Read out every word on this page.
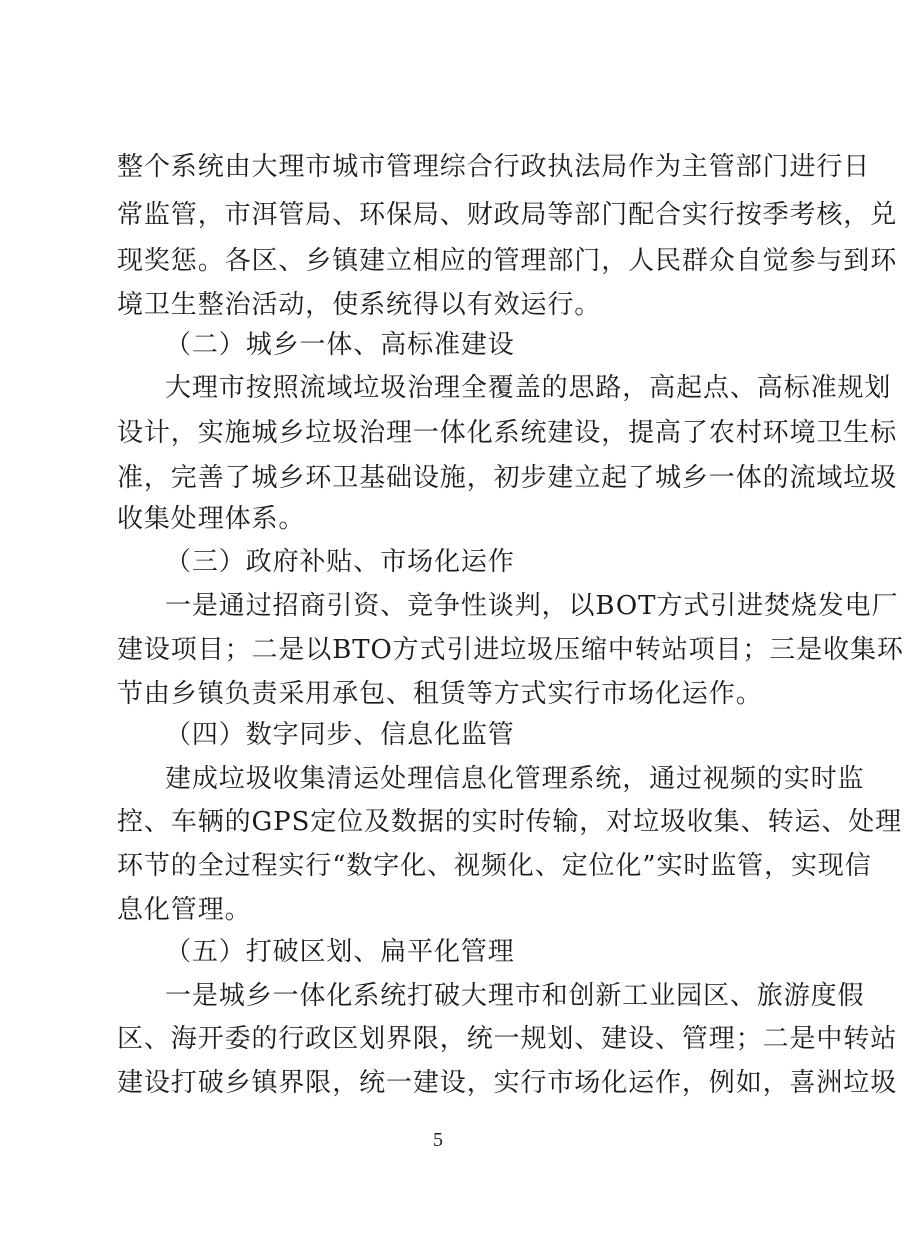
整个系统由大理市城市管理综合行政执法局作为主管部门进行日
常监管，市洱管局、环保局、财政局等部门配合实行按季考核，兑
现奖惩。各区、乡镇建立相应的管理部门，人民群众自觉参与到环
境卫生整治活动，使系统得以有效运行。
（二）城乡一体、高标准建设
大理市按照流域垃圾治理全覆盖的思路，高起点、高标准规划
设计，实施城乡垃圾治理一体化系统建设，提高了农村环境卫生标
准，完善了城乡环卫基础设施，初步建立起了城乡一体的流域垃圾
收集处理体系。
（三）政府补贴、市场化运作
一是通过招商引资、竞争性谈判，以BOT方式引进焚烧发电厂
建设项目；二是以BTO方式引进垃圾压缩中转站项目；三是收集环
节由乡镇负责采用承包、租赁等方式实行市场化运作。
（四）数字同步、信息化监管
建成垃圾收集清运处理信息化管理系统，通过视频的实时监
控、车辆的GPS定位及数据的实时传输，对垃圾收集、转运、处理
环节的全过程实行“数字化、视频化、定位化”实时监管，实现信
息化管理。
（五）打破区划、扁平化管理
一是城乡一体化系统打破大理市和创新工业园区、旅游度假
区、海开委的行政区划界限，统一规划、建设、管理；二是中转站
建设打破乡镇界限，统一建设，实行市场化运作，例如，喜洲垃圾
5
